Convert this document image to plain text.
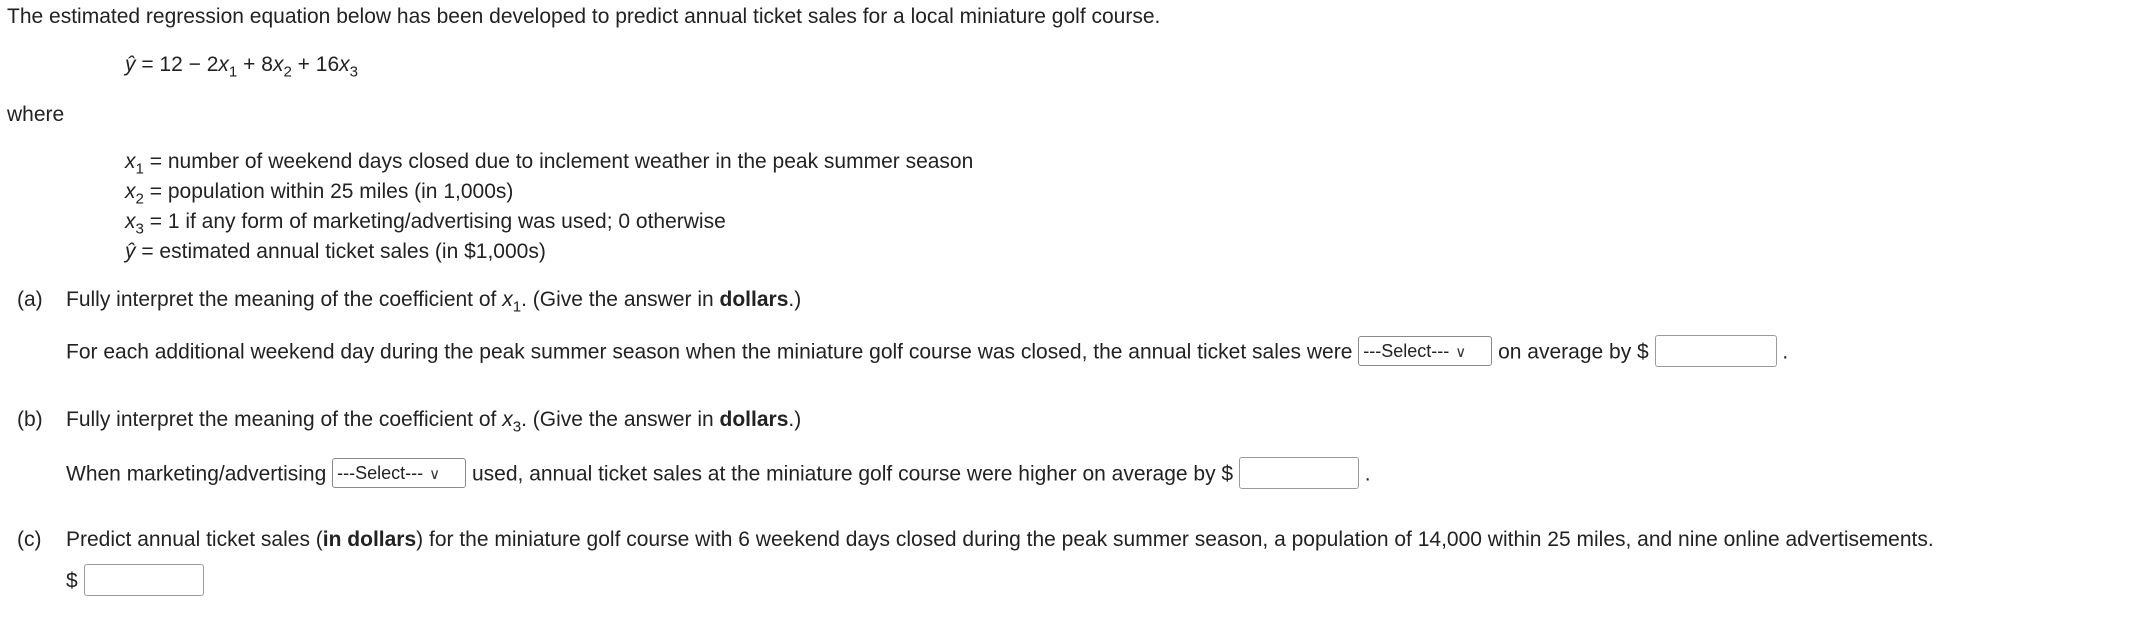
The estimated regression equation below has been developed to predict annual ticket sales for a local miniature golf course.
ŷ = $12 - 2x_1 + 8x_2 + 16x_3$
where
$x_1$ = number of weekend days closed due to inclement weather in the peak summer season
$x_2$ = population within 25 miles (in 1,000s)
$x_3 = 1$ if any form of marketing/advertising was used; 0 otherwise
ŷ = estimated annual ticket sales (in $1,000s)
(a) Fully interpret the meaning of the coefficient of $x_1$. (Give the answer in dollars.)
For each additional weekend day during the peak summer season when the miniature golf course was closed, the annual ticket sales were ---Select--- ∨ on average by $	.
(b) Fully interpret the meaning of the coefficient of $x_3$. (Give the answer in dollars.)
When marketing/advertising ---Select--- ∨ used, annual ticket sales at the miniature golf course were higher on average by $	.
(c) Predict annual ticket sales (in dollars) for the miniature golf course with 6 weekend days closed during the peak summer season, a population of 14,000 within 25 miles, and nine online advertisements.
$
